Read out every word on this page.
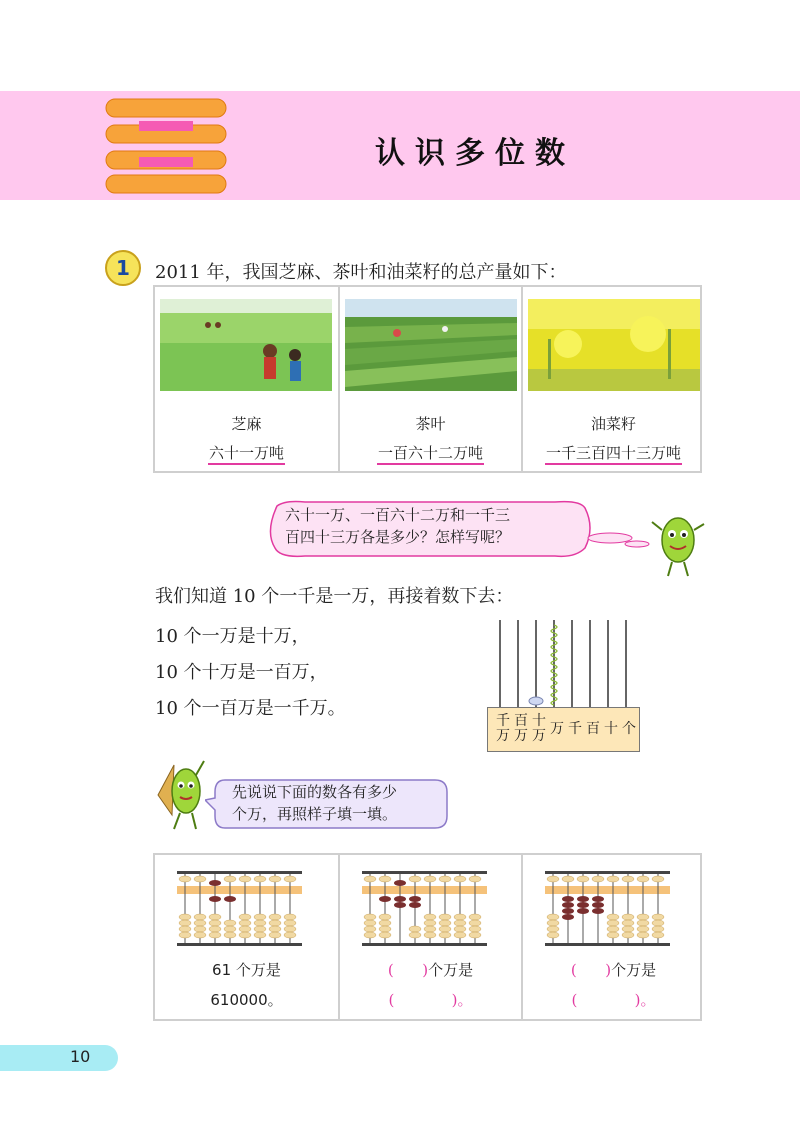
二	认识多位数
1 2011 年，我国芝麻、茶叶和油菜籽的总产量如下：
芝麻
六十一万吨
茶叶
一百六十二万吨
油菜籽
一千三百四十三万吨
六十一万、一百六十二万和一千三
百四十三万各是多少？怎样写呢？
我们知道 10 个一千是一万，再接着数下去：
10 个一万是十万，
10 个十万是一百万，
10 个一百万是一千万。
千万
百万
十万 万 千 百 十 个
先说说下面的数各有多少
个万，再照样子填一填。
61 个万是
610000。
( )个万是
(	)。
( )个万是
(	)。
10
